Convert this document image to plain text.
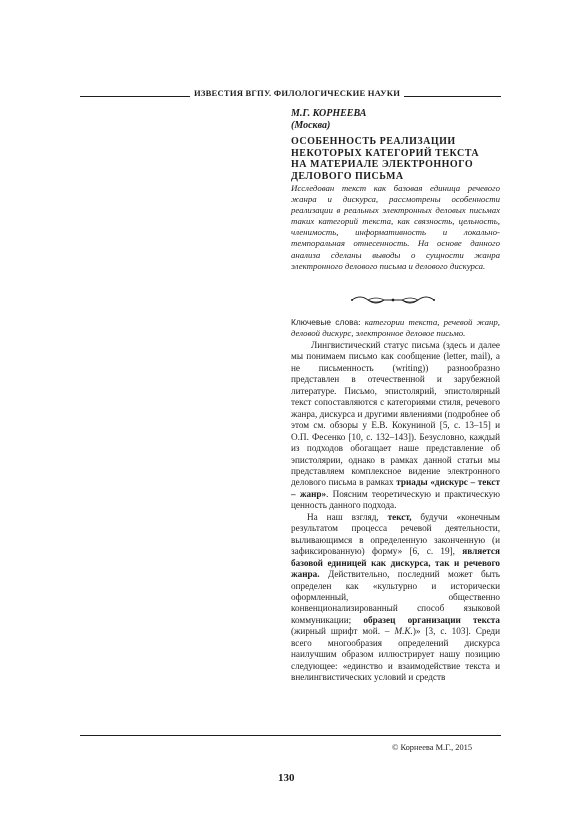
ИЗВЕСТИЯ ВГПУ. ФИЛОЛОГИЧЕСКИЕ НАУКИ
М.Г. КОРНЕЕВА
(Москва)
ОСОБЕННОСТЬ РЕАЛИЗАЦИИ
НЕКОТОРЫХ КАТЕГОРИЙ ТЕКСТА
НА МАТЕРИАЛЕ ЭЛЕКТРОННОГО
ДЕЛОВОГО ПИСЬМА
Исследован текст как базовая единица речевого жанра и дискурса, рассмотрены особенности реализации в реальных электронных деловых письмах таких категорий текста, как связность, цельность, членимость, информативность и локально-темпоральная отнесенность. На основе данного анализа сделаны выводы о сущности жанра электронного делового письма и делового дискурса.
Ключевые слова: категории текста, речевой жанр, деловой дискурс, электронное деловое письмо.

Лингвистический статус письма (здесь и далее мы понимаем письмо как сообщение (letter, mail), а не письменность (writing)) разнообразно представлен в отечественной и зарубежной литературе. Письмо, эпистолярий, эпистолярный текст сопоставляются с категориями стиля, речевого жанра, дискурса и другими явлениями (подробнее об этом см. обзоры у Е.В. Кокуниной [5, с. 13–15] и О.П. Фесенко [10, с. 132–143]). Безусловно, каждый из подходов обогащает наше представление об эпистолярии, однако в рамках данной статьи мы представляем комплексное видение электронного делового письма в рамках триады «дискурс – текст – жанр». Поясним теоретическую и практическую ценность данного подхода.

На наш взгляд, текст, будучи «конечным результатом процесса речевой деятельности, выливающимся в определенную законченную (и зафиксированную) форму» [6, с. 19], является базовой единицей как дискурса, так и речевого жанра. Действительно, последний может быть определен как «культурно и исторически оформленный, общественно конвенционализированный способ языковой коммуникации; образец организации текста (жирный шрифт мой. – М.К.)» [3, с. 103]. Среди всего многообразия определений дискурса наилучшим образом иллюстрирует нашу позицию следующее: «единство и взаимодействие текста и внелингвистических условий и средств

© Корнеева М.Г., 2015
130
